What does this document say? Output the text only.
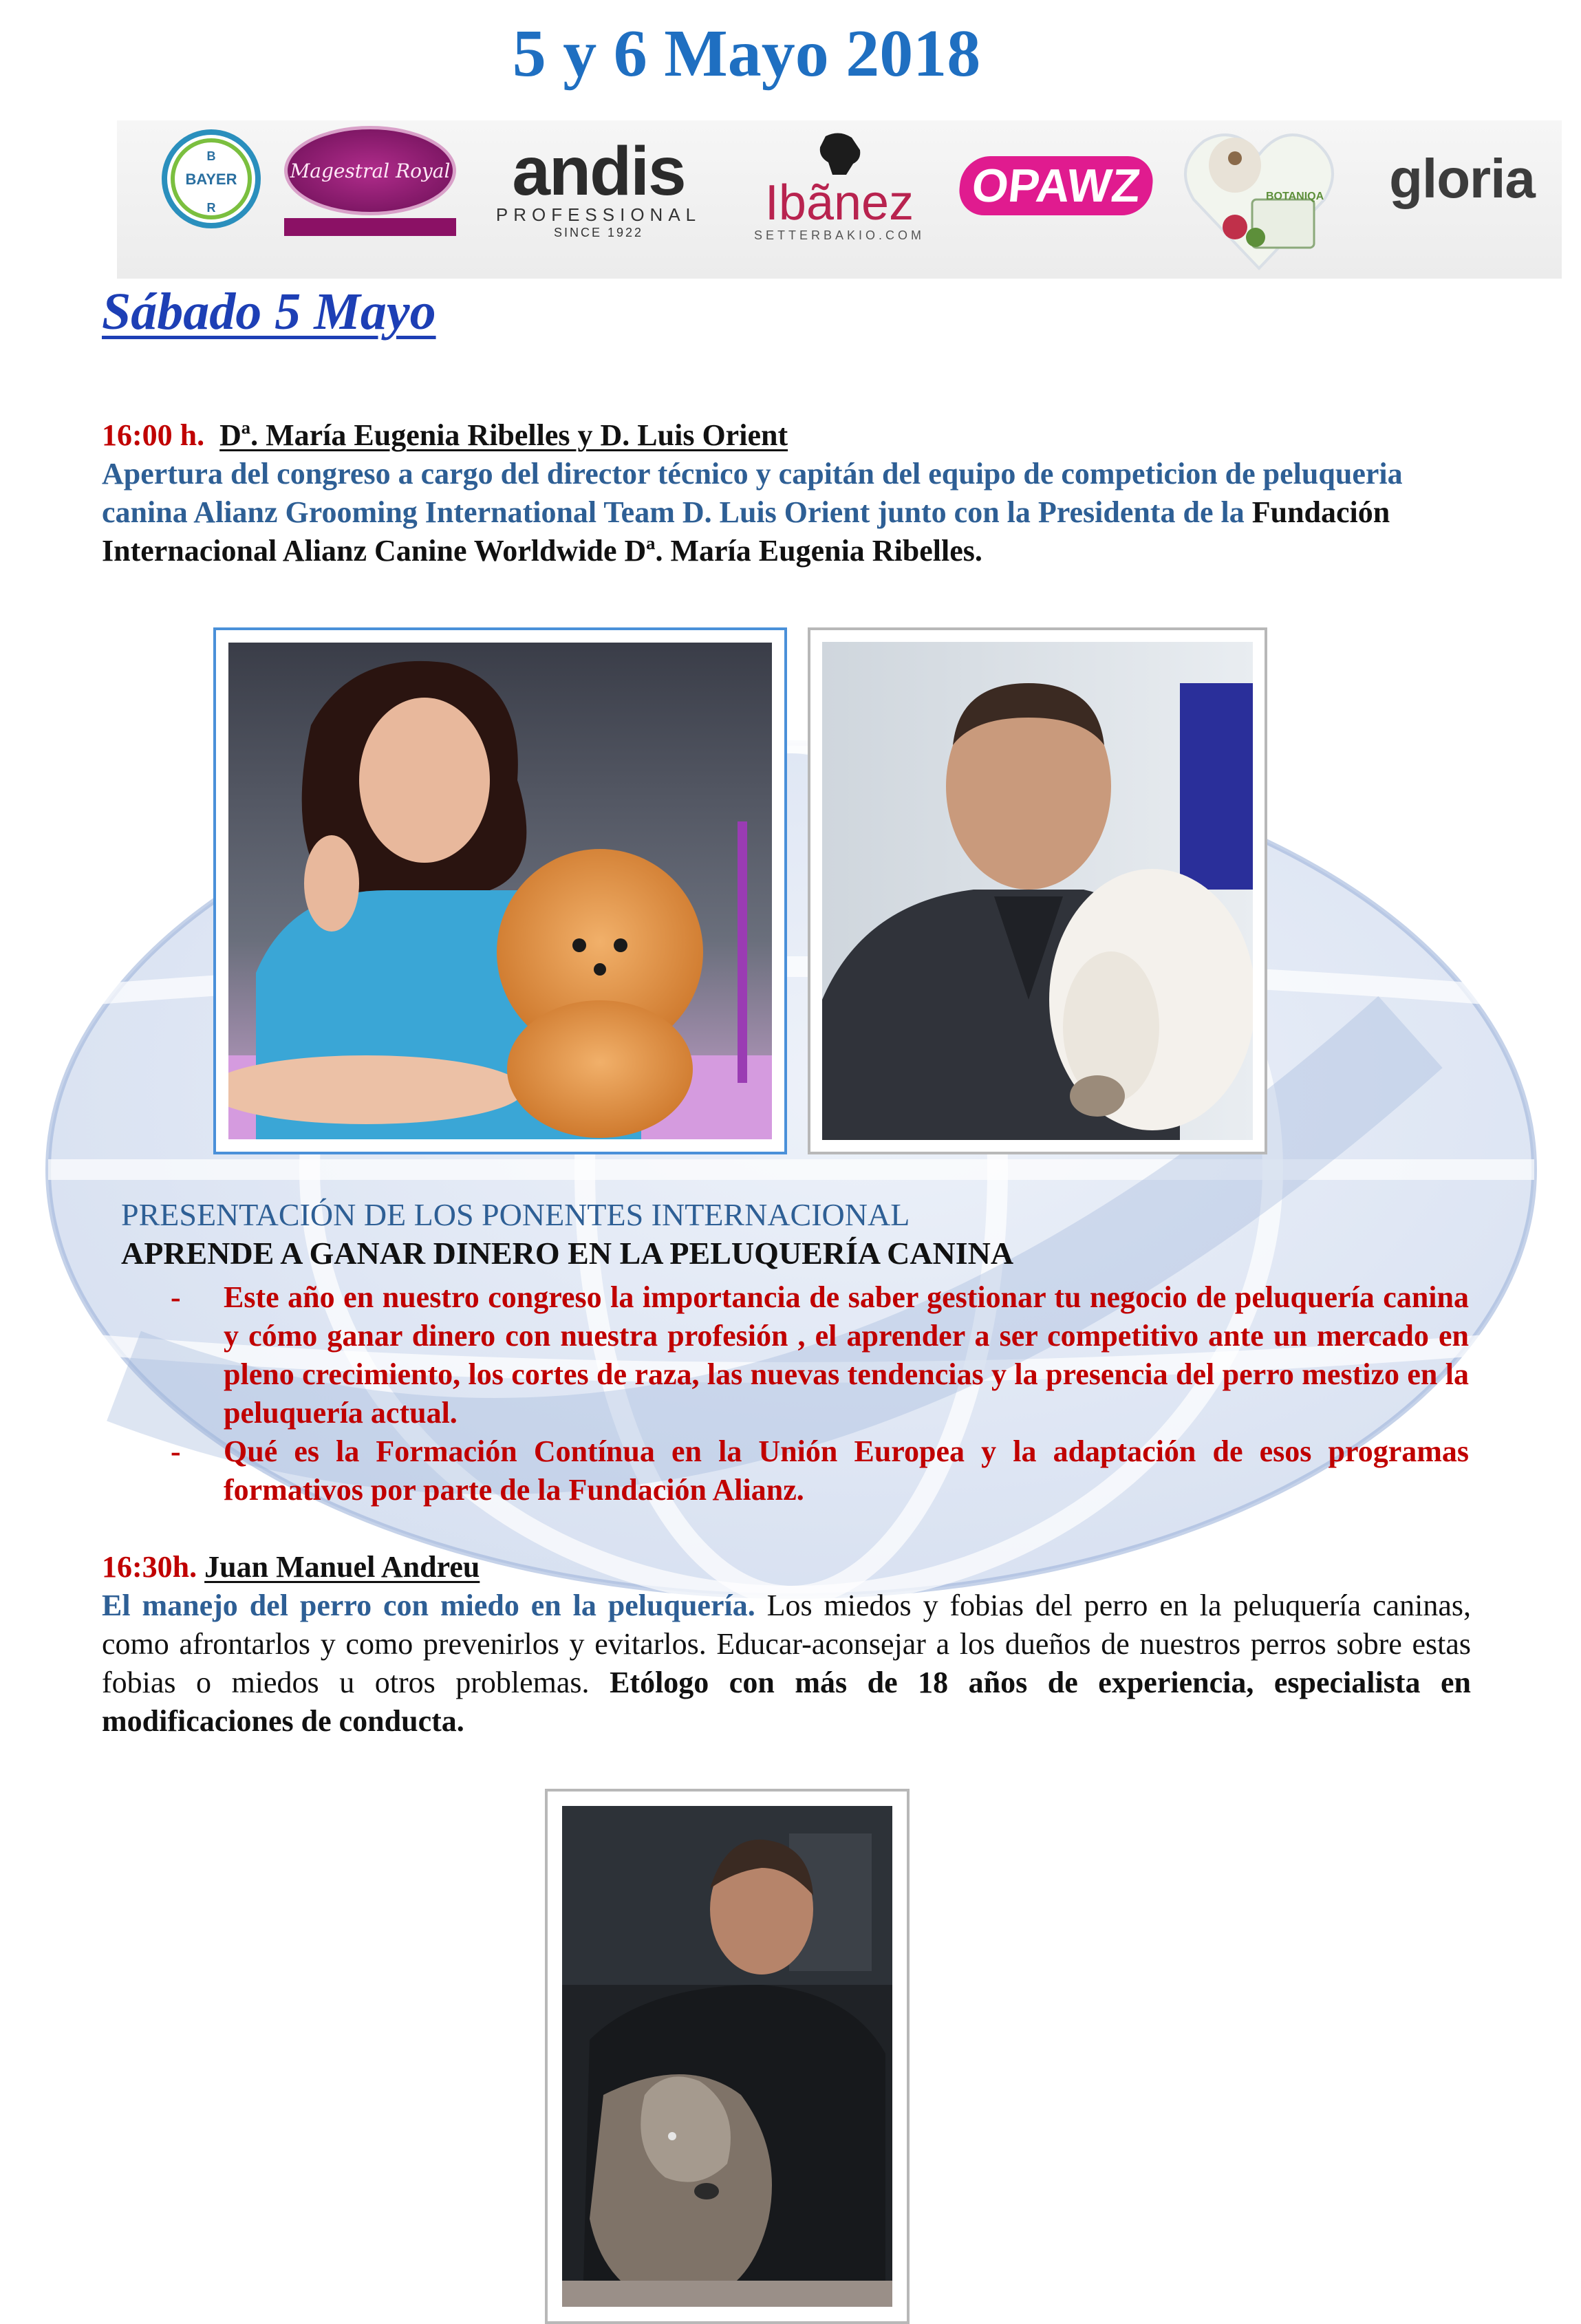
5 y 6 Mayo 2018
BAYER
B
R
Magestral Royal andis
PROFESSIONAL
SINCE 1922
Ibãnez
SETTERBAKIO.COM
OPAWZ	BOTANIQA gloria
Sábado 5 Mayo
16:00 h. Dª. María Eugenia Ribelles y D. Luis Orient
Apertura del congreso a cargo del director técnico y capitán del equipo de competicion de peluqueria canina Alianz Grooming International Team D. Luis Orient junto con la Presidenta de la Fundación Internacional Alianz Canine Worldwide Dª. María Eugenia Ribelles.
PRESENTACIÓN DE LOS PONENTES INTERNACIONAL
APRENDE A GANAR DINERO EN LA PELUQUERÍA CANINA
- Este año en nuestro congreso la importancia de saber gestionar tu negocio de peluquería canina y cómo ganar dinero con nuestra profesión , el aprender a ser competitivo ante un mercado en pleno crecimiento, los cortes de raza, las nuevas tendencias y la presencia del perro mestizo en la peluquería actual.
- Qué es la Formación Contínua en la Unión Europea y la adaptación de esos programas formativos por parte de la Fundación Alianz.
16:30h. Juan Manuel Andreu
El manejo del perro con miedo en la peluquería. Los miedos y fobias del perro en la peluquería caninas, como afrontarlos y como prevenirlos y evitarlos. Educar-aconsejar a los dueños de nuestros perros sobre estas fobias o miedos u otros problemas. Etólogo con más de 18 años de experiencia, especialista en modificaciones de conducta.
